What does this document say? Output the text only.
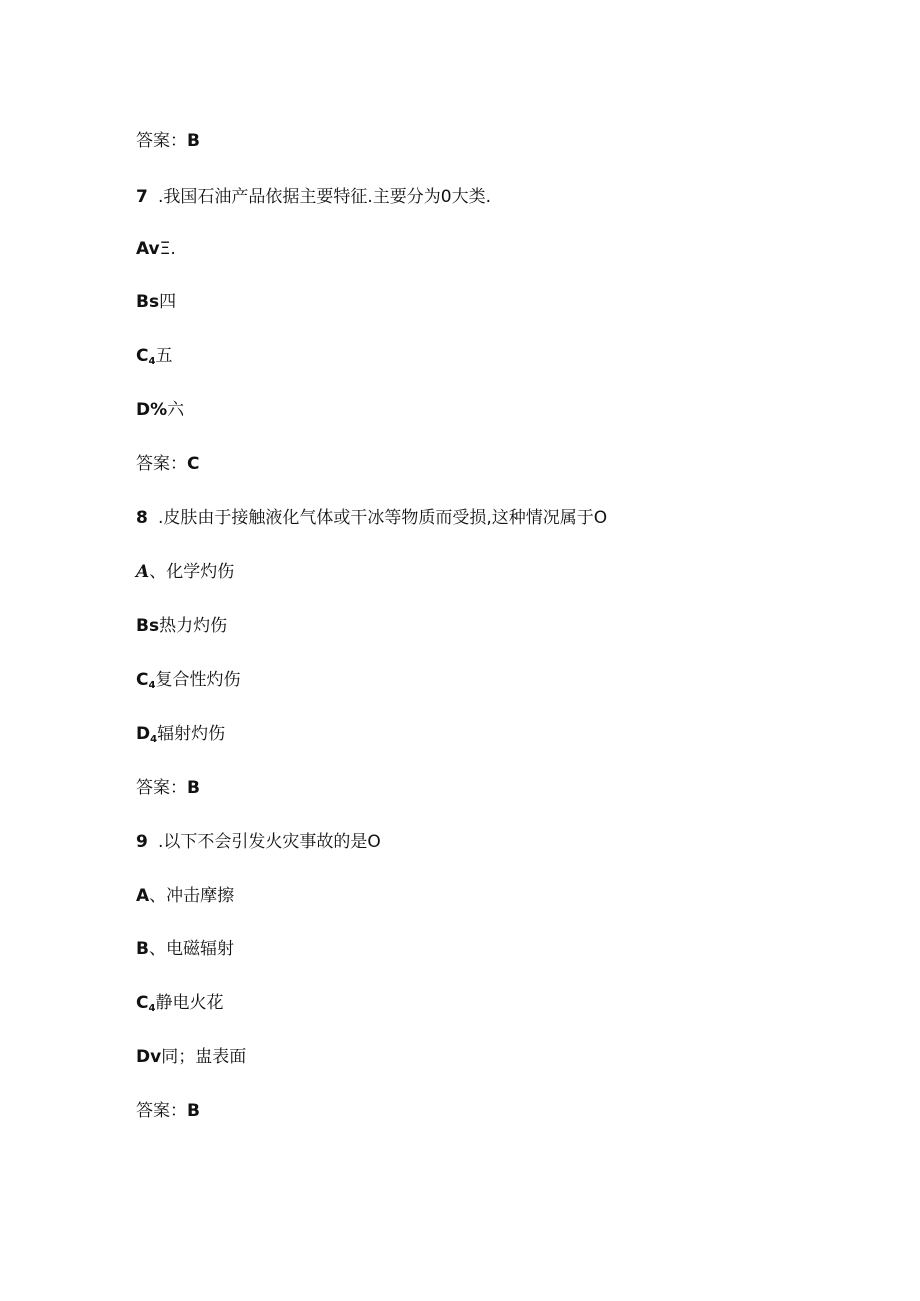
答案：B
7 .我国石油产品依据主要特征.主要分为0大类.
AvΞ.
Bs四
$C_4$五
D%六
答案：C
8 .皮肤由于接触液化气体或干冰等物质而受损,这种情况属于O
A、化学灼伤
Bs热力灼伤
$C_4$复合性灼伤
$D_4$辐射灼伤
答案：B
9 .以下不会引发火灾事故的是O
A、冲击摩擦
B、电磁辐射
$C_4$静电火花
Dv同；盅表面
答案：B
